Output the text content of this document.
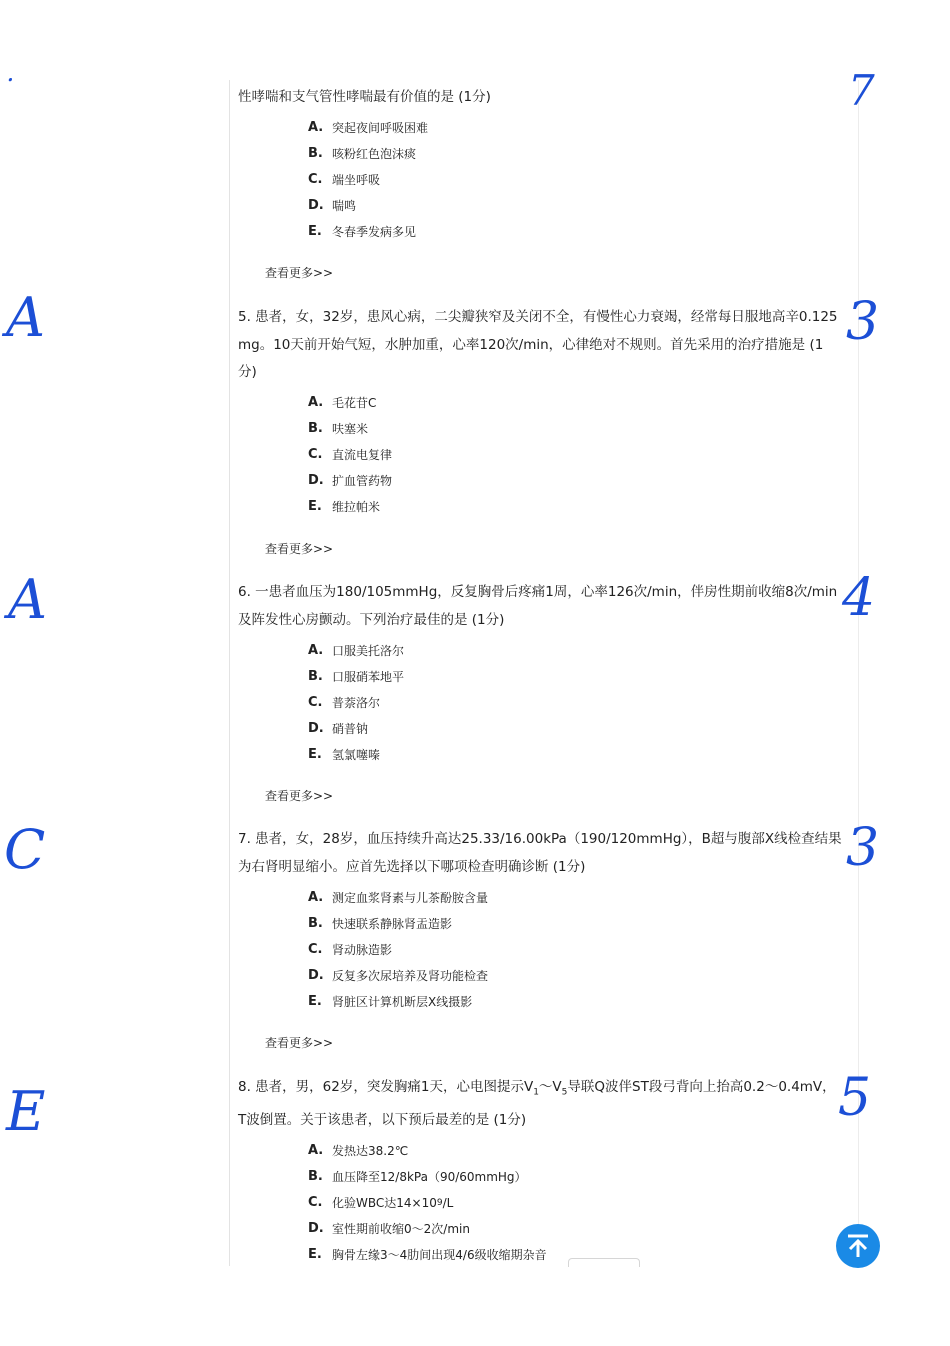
ꞏ

性哮喘和支气管性哮喘最有价值的是 (1分)

A. 突起夜间呼吸困难
B. 咳粉红色泡沫痰
C. 端坐呼吸
D. 喘鸣
E. 冬春季发病多见
查看更多>>

5. 患者，女，32岁，患风心病，二尖瓣狭窄及关闭不全，有慢性心力衰竭，经常每日服地高辛0.125mg。10天前开始气短，水肿加重，心率120次/min，心律绝对不规则。首先采用的治疗措施是 (1分)

A. 毛花苷C
B. 呋塞米
C. 直流电复律
D. 扩血管药物
E. 维拉帕米
查看更多>>

6. 一患者血压为180/105mmHg，反复胸骨后疼痛1周，心率126次/min，伴房性期前收缩8次/min及阵发性心房颤动。下列治疗最佳的是 (1分)

A. 口服美托洛尔
B. 口服硝苯地平
C. 普萘洛尔
D. 硝普钠
E. 氢氯噻嗪
查看更多>>

7. 患者，女，28岁，血压持续升高达25.33/16.00kPa（190/120mmHg），B超与腹部X线检查结果为右肾明显缩小。应首先选择以下哪项检查明确诊断 (1分)

A. 测定血浆肾素与儿茶酚胺含量
B. 快速联系静脉肾盂造影
C. 肾动脉造影
D. 反复多次尿培养及肾功能检查
E. 肾脏区计算机断层X线摄影
查看更多>>

8. 患者，男，62岁，突发胸痛1天，心电图提示$V_1\sim V_5$导联Q波伴ST段弓背向上抬高0.2～0.4mV，T波倒置。关于该患者，以下预后最差的是 (1分)

A. 发热达38.2℃
B. 血压降至12/8kPa（90/60mmHg）
C. 化验WBC达14×10 9 /L
D. 室性期前收缩0～2次/min
E. 胸骨左缘3～4肋间出现4/6级收缩期杂音
A
A
C
E
7
3
4
3
5
